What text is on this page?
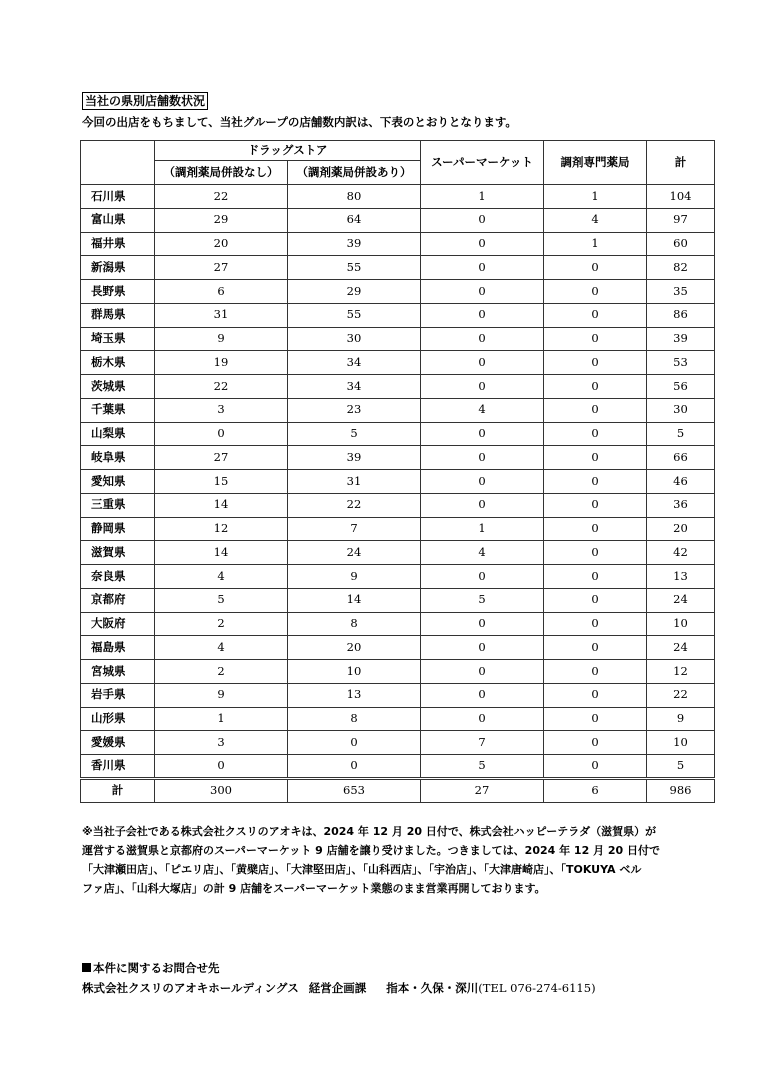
当社の県別店舗数状況
今回の出店をもちまして、当社グループの店舗数内訳は、下表のとおりとなります。
	ドラッグストア		スーパーマーケット	調剤専門薬局	計
	（調剤薬局併設なし）	（調剤薬局併設あり）			
石川県	22	80	1	1	104
富山県	29	64	0	4	97
福井県	20	39	0	1	60
新潟県	27	55	0	0	82
長野県	6	29	0	0	35
群馬県	31	55	0	0	86
埼玉県	9	30	0	0	39
栃木県	19	34	0	0	53
茨城県	22	34	0	0	56
千葉県	3	23	4	0	30
山梨県	0	5	0	0	5
岐阜県	27	39	0	0	66
愛知県	15	31	0	0	46
三重県	14	22	0	0	36
静岡県	12	7	1	0	20
滋賀県	14	24	4	0	42
奈良県	4	9	0	0	13
京都府	5	14	5	0	24
大阪府	2	8	0	0	10
福島県	4	20	0	0	24
宮城県	2	10	0	0	12
岩手県	9	13	0	0	22
山形県	1	8	0	0	9
愛媛県	3	0	7	0	10
香川県	0	0	5	0	5
計	300	653	27	6	986

※当社子会社である株式会社クスリのアオキは、2024 年 12 月 20 日付で、株式会社ハッピーテラダ（滋賀県）が

運営する滋賀県と京都府のスーパーマーケット 9 店舗を譲り受けました。つきましては、2024 年 12 月 20 日付で

「大津瀬田店」、「ピエリ店」、「黄檗店」、「大津堅田店」、「山科西店」、「宇治店」、「大津唐崎店」、「TOKUYA ベル

ファ店」、「山科大塚店」の計 9 店舗をスーパーマーケット業態のまま営業再開しております。

本件に関するお問合せ先
株式会社クスリのアオキホールディングス 経営企画課 指本・久保・深川(TEL 076-274-6115)
